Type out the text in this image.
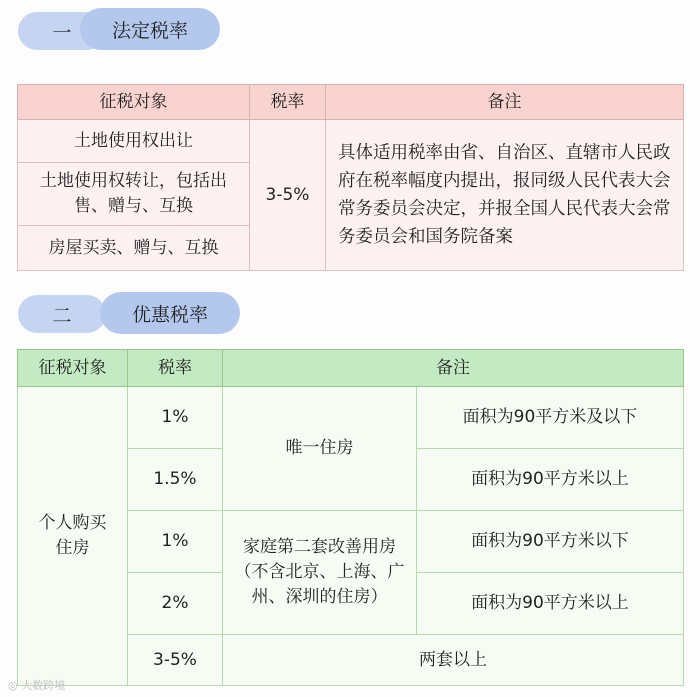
一 法定税率
征税对象	税率	备注
土地使用权出让	3-5%	具体适用税率由省、自治区、直辖市人民政府在税率幅度内提出，报同级人民代表大会常务委员会决定，并报全国人民代表大会常务委员会和国务院备案
土地使用权转让，包括出售、赠与、互换		
房屋买卖、赠与、互换		
二	优惠税率
征税对象	税率	备注	
个人购买住房	1%	唯一住房	面积为90平方米及以下
	1.5%		面积为90平方米以上
	1%	家庭第二套改善用房（不含北京、上海、广州、深圳的住房）	面积为90平方米以下
	2%		面积为90平方米以上
	3-5%	两套以上	
◎ 大数跨境
